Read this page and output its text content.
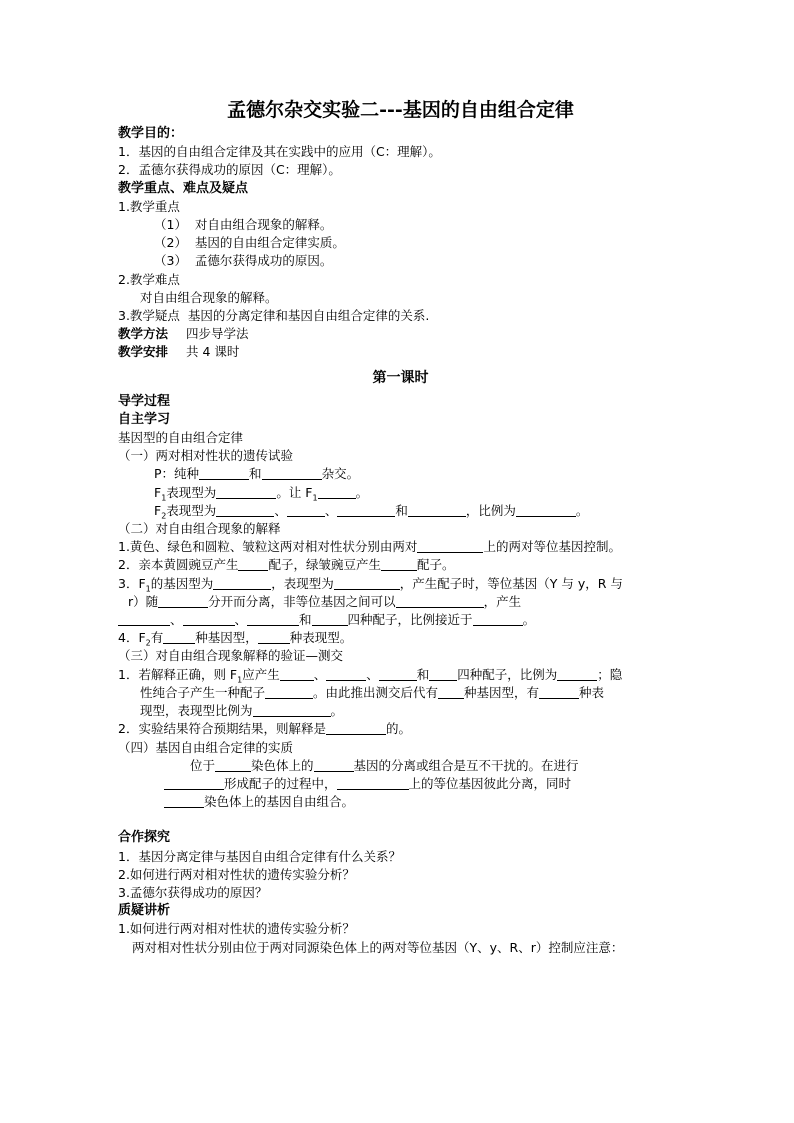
孟德尔杂交实验二---基因的自由组合定律
教学目的：
1．基因的自由组合定律及其在实践中的应用（C：理解）。
2．孟德尔获得成功的原因（C：理解）。
教学重点、难点及疑点
1.教学重点
（1）  对自由组合现象的解释。
（2）  基因的自由组合定律实质。
（3）  孟德尔获得成功的原因。
2.教学难点
对自由组合现象的解释。
3.教学疑点  基因的分离定律和基因自由组合定律的关系.
教学方法 四步导学法
教学安排 共 4 课时
第一课时
导学过程
自主学习
基因型的自由组合定律
（一）两对相对性状的遗传试验
P：纯种	和	杂交。
$F_1$表现型为	。让 $F_1$	。
$F_2$表现型为	、	、	和	，比例为	。
（二）对自由组合现象的解释
1.黄色、绿色和圆粒、皱粒这两对相对性状分别由两对	上的两对等位基因控制。
2．亲本黄圆豌豆产生 配子，绿皱豌豆产生	配子。
3．$F_1$的基因型为	，表现型为	，产生配子时，等位基因（Y 与 y，R 与
r）随	分开而分离，非等位基因之间可以	，产生
、	、	和	四种配子，比例接近于	。
4．$F_2$有	种基因型，	种表现型。
（三）对自由组合现象解释的验证—测交
1．若解释正确，则 $F_1$应产生	、	、	和 四种配子，比例为	；隐
性纯合子产生一种配子	。由此推出测交后代有 种基因型，有	种表
现型，表现型比例为	。
2．实验结果符合预期结果，则解释是	的。
（四）基因自由组合定律的实质
位于	染色体上的	基因的分离或组合是互不干扰的。在进行
形成配子的过程中，	上的等位基因彼此分离，同时
染色体上的基因自由组合。
合作探究
1．基因分离定律与基因自由组合定律有什么关系？
2.如何进行两对相对性状的遗传实验分析？
3.孟德尔获得成功的原因？
质疑讲析
1.如何进行两对相对性状的遗传实验分析？
两对相对性状分别由位于两对同源染色体上的两对等位基因（Y、y、R、r）控制应注意：
